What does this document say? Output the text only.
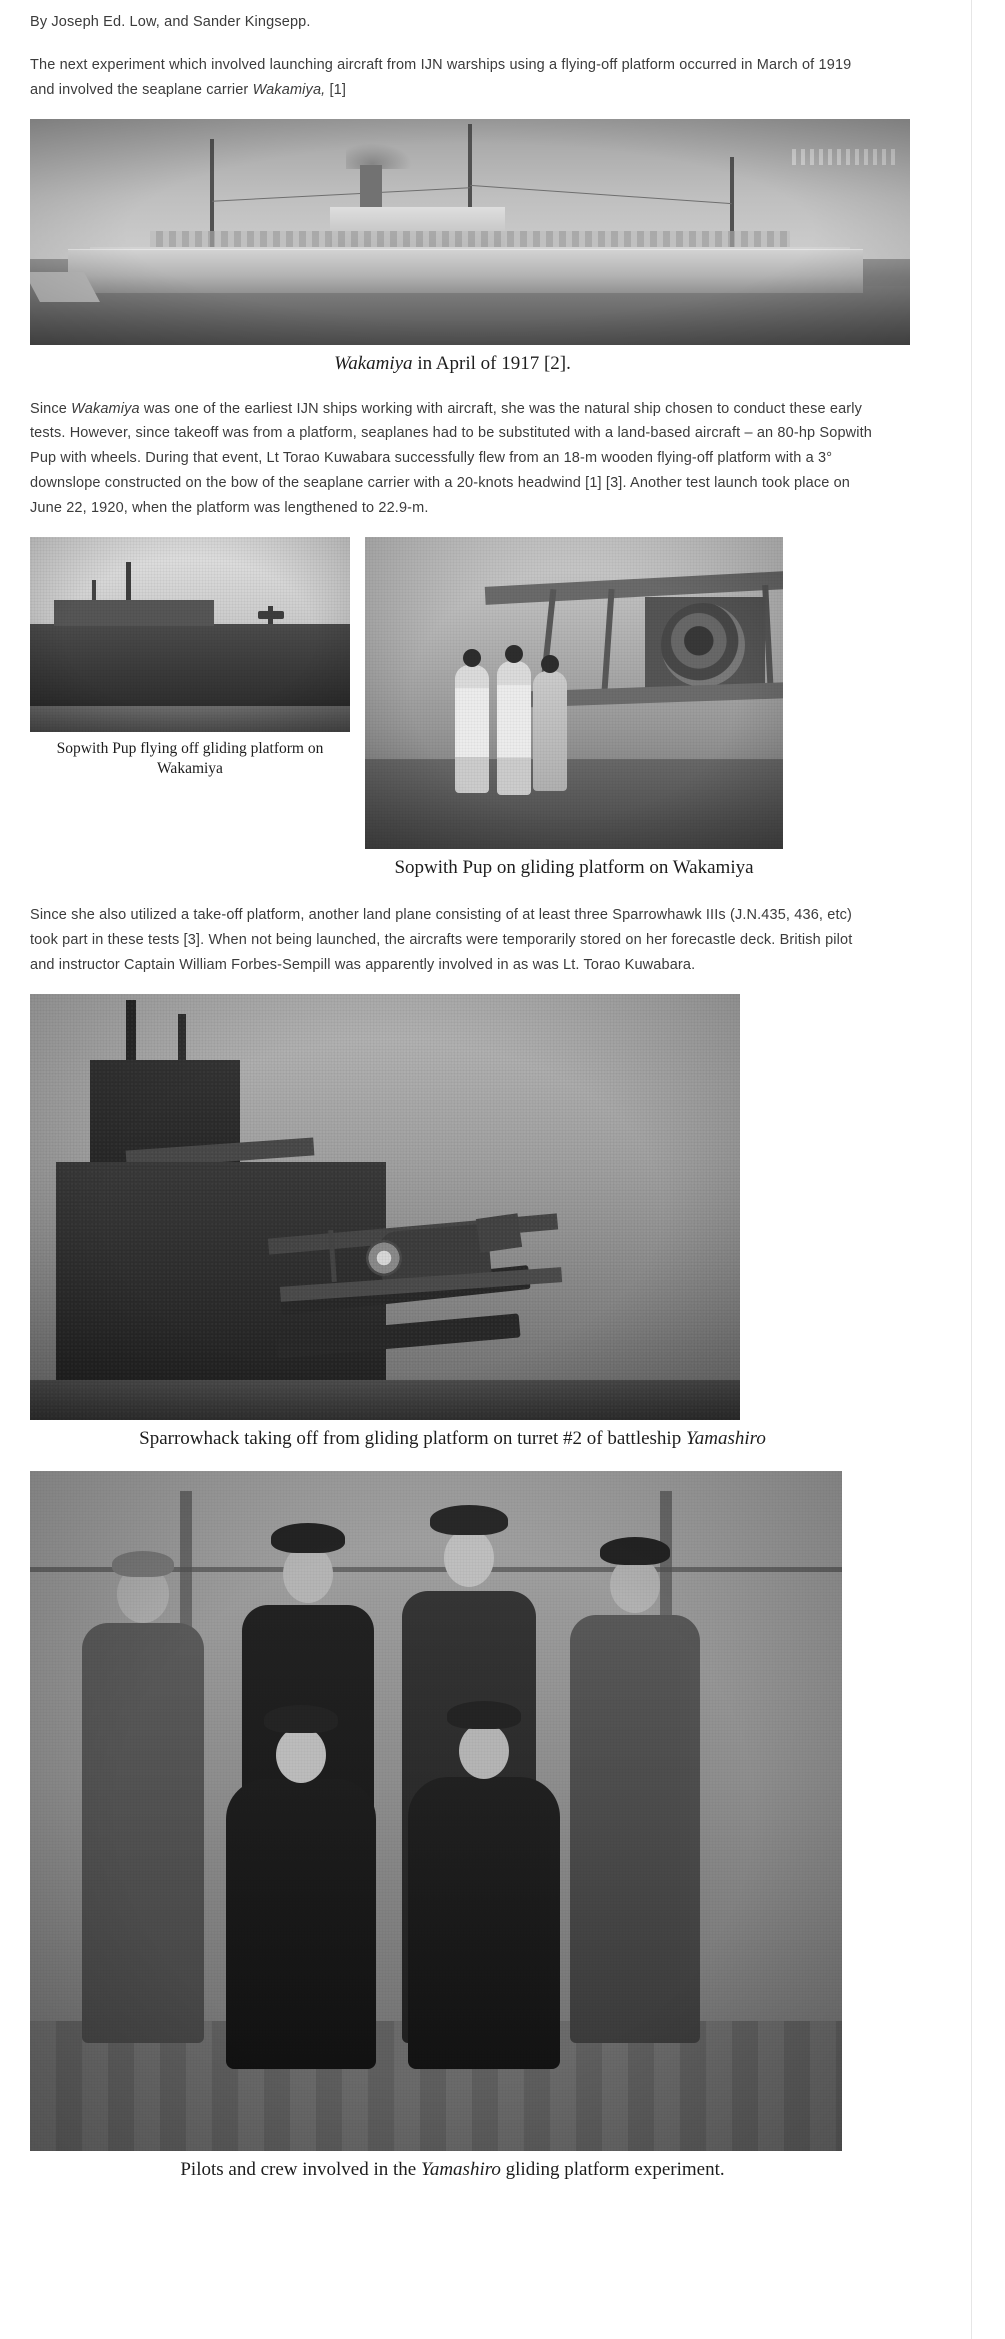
By Joseph Ed. Low, and Sander Kingsepp.

The next experiment which involved launching aircraft from IJN warships using a flying-off platform occurred in March of 1919 and involved the seaplane carrier Wakamiya, [1]

Wakamiya in April of 1917 [2].

Since Wakamiya was one of the earliest IJN ships working with aircraft, she was the natural ship chosen to conduct these early tests. However, since takeoff was from a platform, seaplanes had to be substituted with a land-based aircraft – an 80-hp Sopwith Pup with wheels. During that event, Lt Torao Kuwabara successfully flew from an 18-m wooden flying-off platform with a 3° downslope constructed on the bow of the seaplane carrier with a 20-knots headwind [1] [3]. Another test launch took place on June 22, 1920, when the platform was lengthened to 22.9-m.

Sopwith Pup flying off gliding platform on Wakamiya

Sopwith Pup on gliding platform on Wakamiya

Since she also utilized a take-off platform, another land plane consisting of at least three Sparrowhawk IIIs (J.N.435, 436, etc) took part in these tests [3]. When not being launched, the aircrafts were temporarily stored on her forecastle deck. British pilot and instructor Captain William Forbes-Sempill was apparently involved in as was Lt. Torao Kuwabara.

Sparrowhack taking off from gliding platform on turret #2 of battleship Yamashiro
Pilots and crew involved in the Yamashiro gliding platform experiment.
